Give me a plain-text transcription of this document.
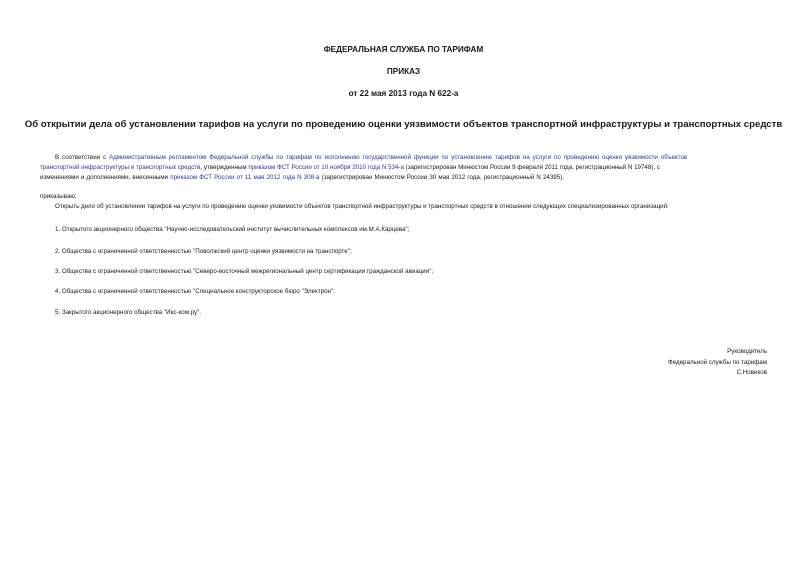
ФЕДЕРАЛЬНАЯ СЛУЖБА ПО ТАРИФАМ
ПРИКАЗ
от 22 мая 2013 года N 622-а
Об открытии дела об установлении тарифов на услуги по проведению оценки уязвимости объектов транспортной инфраструктуры и транспортных средств
В соответствии с Административным регламентом Федеральной службы по тарифам по исполнению государственной функции по установлению тарифов на услуги по проведению оценки уязвимости объектов
транспортной инфраструктуры и транспортных средств, утвержденным приказом ФСТ России от 10 ноября 2010 года N 534-а (зарегистрирован Минюстом России 9 февраля 2011 года, регистрационный N 19748), с
изменениями и дополнениями, внесенными приказом ФСТ России от 11 мая 2012 года N 308-а (зарегистрирован Минюстом России 30 мая 2012 года, регистрационный N 24395),
приказываю:
Открыть дело об установлении тарифов на услуги по проведению оценки уязвимости объектов транспортной инфраструктуры и транспортных средств в отношении следующих специализированных организаций:
1. Открытого акционерного общества "Научно-исследовательский институт вычислительных комплексов им.М.А.Карцева";
2. Общества с ограниченной ответственностью "Поволжский центр оценки уязвимости на транспорте";
3. Общества с ограниченной ответственностью "Северо-восточный межрегиональный центр сертификации гражданской авиации";
4. Общества с ограниченной ответственностью "Специальное конструкторское бюро "Электрон";
5. Закрытого акционерного общества "Икс-ком.ру".
Руководитель
Федеральной службы по тарифам
С.Новиков
